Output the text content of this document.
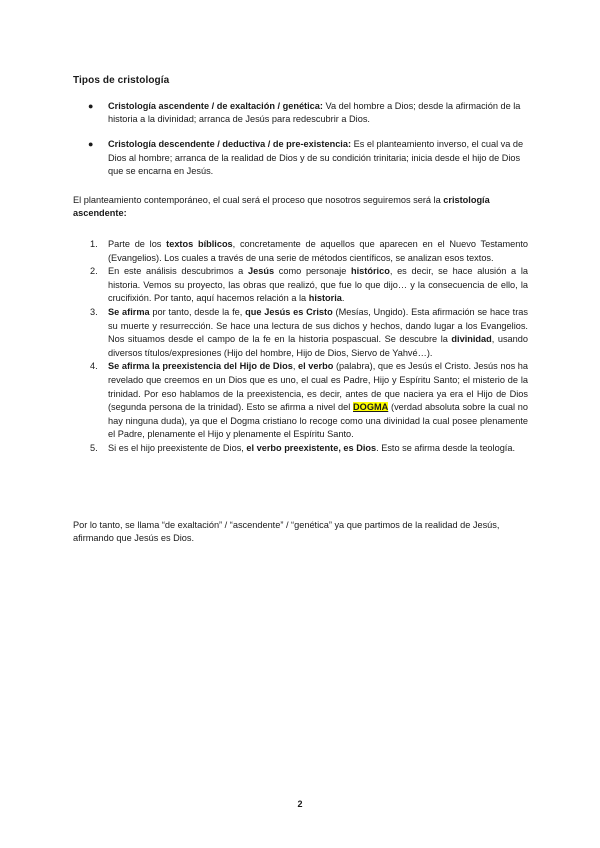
Tipos de cristología
● Cristología ascendente / de exaltación / genética: Va del hombre a Dios; desde la afirmación de la historia a la divinidad; arranca de Jesús para redescubrir a Dios.
● Cristología descendente / deductiva / de pre-existencia: Es el planteamiento inverso, el cual va de Dios al hombre; arranca de la realidad de Dios y de su condición trinitaria; inicia desde el hijo de Dios que se encarna en Jesús.

El planteamiento contemporáneo, el cual será el proceso que nosotros seguiremos será la cristología ascendente:

1. Parte de los textos bíblicos, concretamente de aquellos que aparecen en el Nuevo Testamento (Evangelios). Los cuales a través de una serie de métodos científicos, se analizan esos textos.
2. En este análisis descubrimos a Jesús como personaje histórico, es decir, se hace alusión a la historia. Vemos su proyecto, las obras que realizó, que fue lo que dijo… y la consecuencia de ello, la crucifixión. Por tanto, aquí hacemos relación a la historia.
3. Se afirma por tanto, desde la fe, que Jesús es Cristo (Mesías, Ungido). Esta afirmación se hace tras su muerte y resurrección. Se hace una lectura de sus dichos y hechos, dando lugar a los Evangelios. Nos situamos desde el campo de la fe en la historia pospascual. Se descubre la divinidad, usando diversos títulos/expresiones (Hijo del hombre, Hijo de Dios, Siervo de Yahvé…).
4. Se afirma la preexistencia del Hijo de Dios, el verbo (palabra), que es Jesús el Cristo. Jesús nos ha revelado que creemos en un Dios que es uno, el cual es Padre, Hijo y Espíritu Santo; el misterio de la trinidad. Por eso hablamos de la preexistencia, es decir, antes de que naciera ya era el Hijo de Dios (segunda persona de la trinidad). Esto se afirma a nivel del DOGMA (verdad absoluta sobre la cual no hay ninguna duda), ya que el Dogma cristiano lo recoge como una divinidad la cual posee plenamente el Padre, plenamente el Hijo y plenamente el Espíritu Santo.
5. Si es el hijo preexistente de Dios, el verbo preexistente, es Dios. Esto se afirma desde la teología.

Por lo tanto, se llama “de exaltación” / “ascendente” / “genética” ya que partimos de la realidad de Jesús, afirmando que Jesús es Dios.

2
